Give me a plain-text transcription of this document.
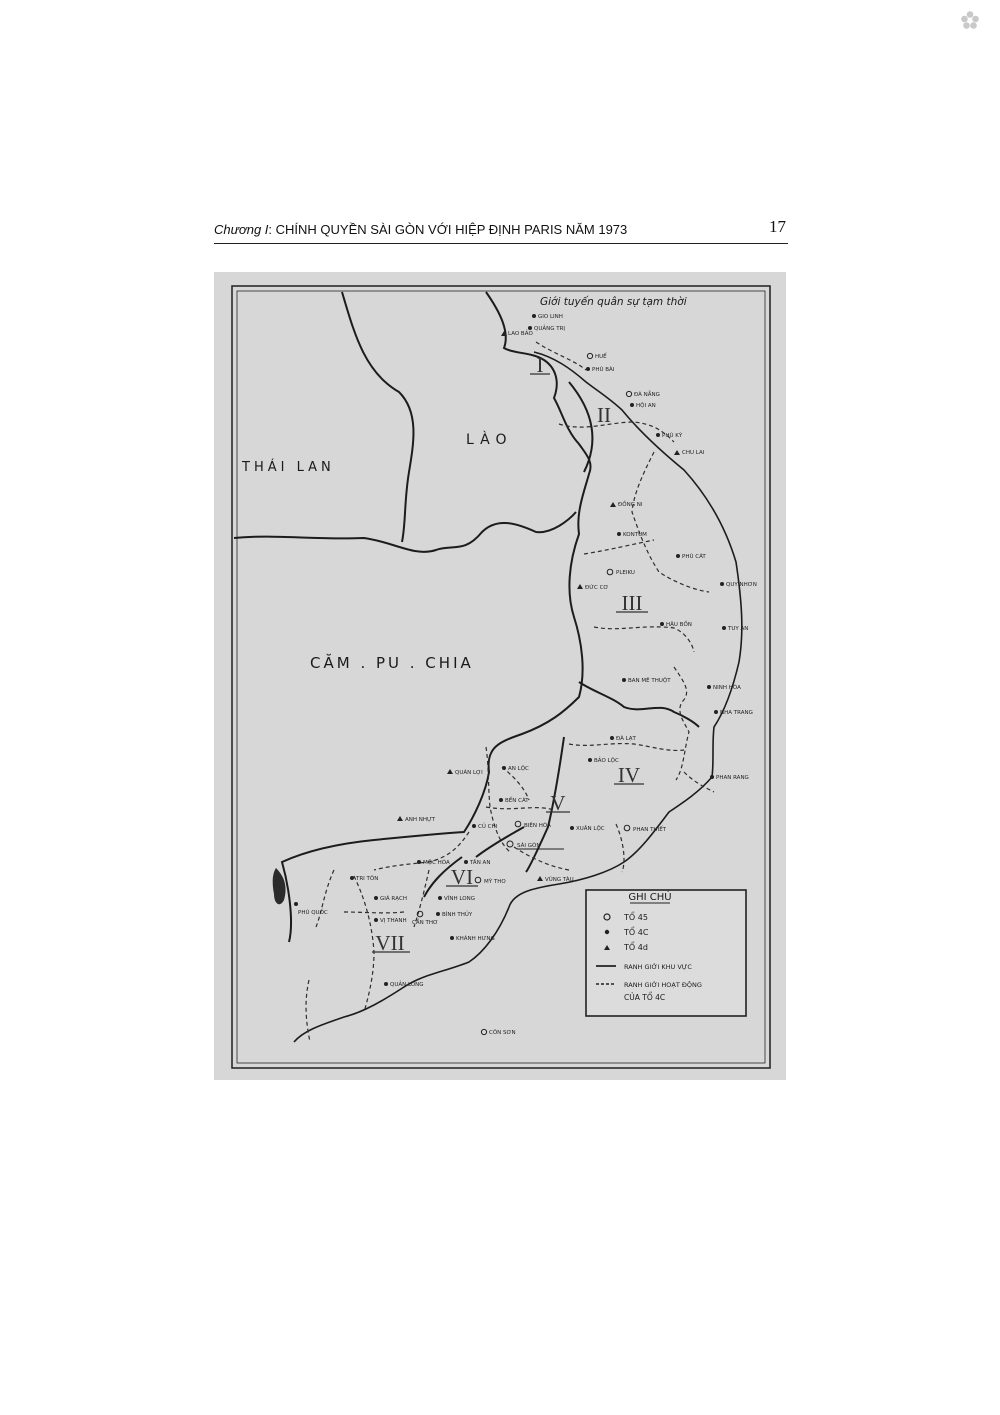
Chương I: CHÍNH QUYỀN SÀI GÒN VỚI HIỆP ĐỊNH PARIS NĂM 1973	17
I
II
III
IV
V
VI
VII
Giới tuyến quân sự tạm thời
LÀO
THÁI LAN
CĂM . PU . CHIA
GIO LINH
QUẢNG TRỊ
LAO BẢO
HUẾ
PHÚ BÀI
ĐÀ NẴNG
HỘI AN
PHÚ KỲ
CHU LAI
ĐỒNG NI
KONTUM
PLEIKU
ĐỨC CƠ
PHÙ CÁT
QUY NHƠN
HẬU BỒN
TUY AN
BAN MÊ THUỘT
NINH HÒA
NHA TRANG
ĐÀ LẠT
BẢO LỘC
PHAN RANG
QUÁN LỢI
AN LỘC
BẾN CÁT
BIÊN HÒA	XUÂN LỘC
CỦ CHI
SÀI GÒN
PHAN THIẾT
ANH NHỰT
MỘC HÓA	TÂN AN
TRI TÔN	MỸ THO	VŨNG TÀU
VĨNH LONG
CẦN THƠ
VỊ THANH
KHÁNH HƯNG
QUẢN LONG
PHÚ QUỐC
CÔN SƠN
GIÁ RẠCH
BÌNH THỦY
GHI CHÚ
TỔ 45
TỔ 4C
TỔ 4d
RANH GIỚI KHU VỰC
RANH GIỚI HOẠT ĐỘNG
CỦA TỔ 4C
